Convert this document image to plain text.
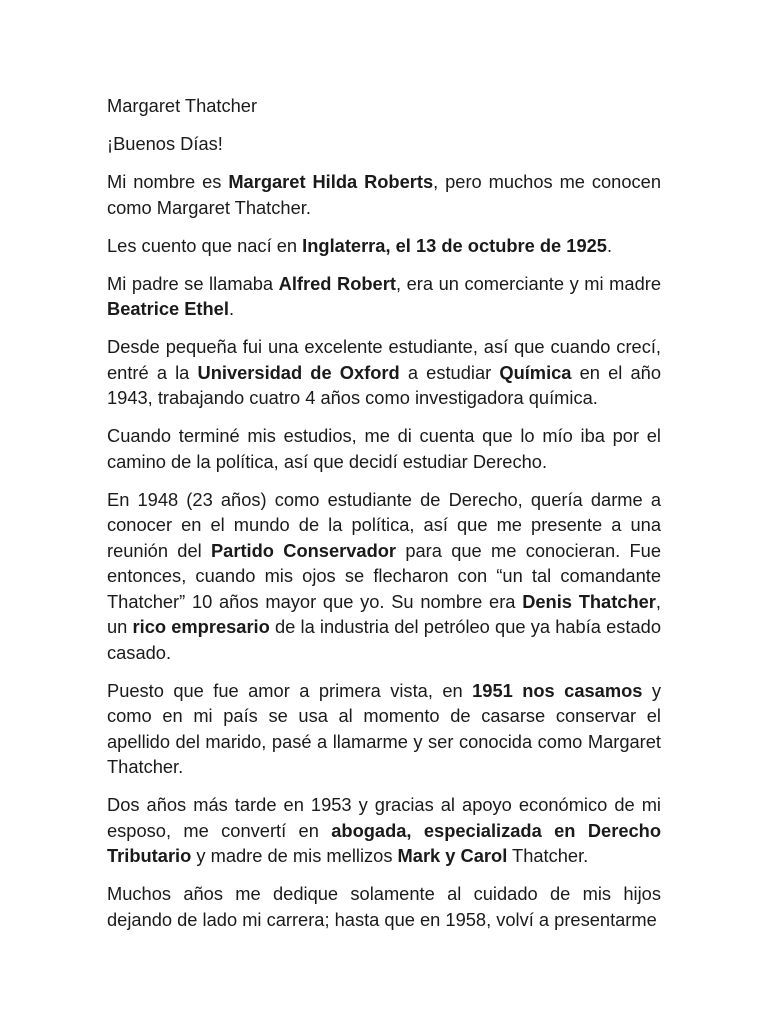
Margaret Thatcher

¡Buenos Días!

Mi nombre es Margaret Hilda Roberts, pero muchos me conocen como Margaret Thatcher.

Les cuento que nací en Inglaterra, el 13 de octubre de 1925.

Mi padre se llamaba Alfred Robert, era un comerciante y mi madre Beatrice Ethel.

Desde pequeña fui una excelente estudiante, así que cuando crecí, entré a la Universidad de Oxford a estudiar Química en el año 1943, trabajando cuatro 4 años como investigadora química.

Cuando terminé mis estudios, me di cuenta que lo mío iba por el camino de la política, así que decidí estudiar Derecho.

En 1948 (23 años) como estudiante de Derecho, quería darme a conocer en el mundo de la política, así que me presente a una reunión del Partido Conservador para que me conocieran. Fue entonces, cuando mis ojos se flecharon con “un tal comandante Thatcher” 10 años mayor que yo. Su nombre era Denis Thatcher, un rico empresario de la industria del petróleo que ya había estado casado.

Puesto que fue amor a primera vista, en 1951 nos casamos y como en mi país se usa al momento de casarse conservar el apellido del marido, pasé a llamarme y ser conocida como Margaret Thatcher.

Dos años más tarde en 1953 y gracias al apoyo económico de mi esposo, me convertí en abogada, especializada en Derecho Tributario y madre de mis mellizos Mark y Carol Thatcher.

Muchos años me dedique solamente al cuidado de mis hijos dejando de lado mi carrera; hasta que en 1958, volví a presentarme
